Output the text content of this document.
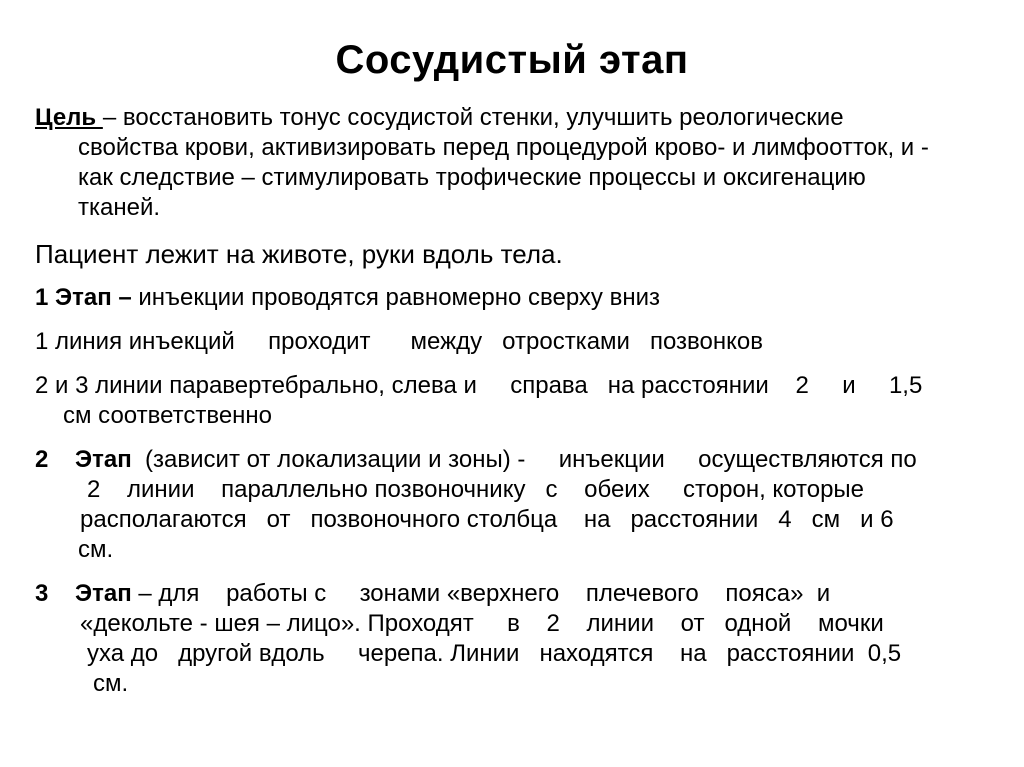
Сосудистый этап
Цель – восстановить тонус сосудистой стенки, улучшить реологические
свойства крови, активизировать перед процедурой крово- и лимфоотток, и -
как следствие – стимулировать трофические процессы и оксигенацию
тканей.
Пациент лежит на животе, руки вдоль тела.
1 Этап – инъекции проводятся равномерно сверху вниз
1 линия инъекций     проходит      между   отростками   позвонков
2 и 3 линии паравертебрально, слева и     справа   на расстоянии    2     и     1,5
см соответственно
2    Этап  (зависит от локализации и зоны) -     инъекции     осуществляются по
2    линии    параллельно позвоночнику   с    обеих     сторон, которые
располагаются   от   позвоночного столбца    на   расстоянии   4   см   и 6
см.
3    Этап – для    работы с     зонами «верхнего    плечевого    пояса»  и
«декольте - шея – лицо». Проходят     в    2    линии    от   одной    мочки
уха до   другой вдоль     черепа. Линии   находятся    на   расстоянии  0,5
см.
